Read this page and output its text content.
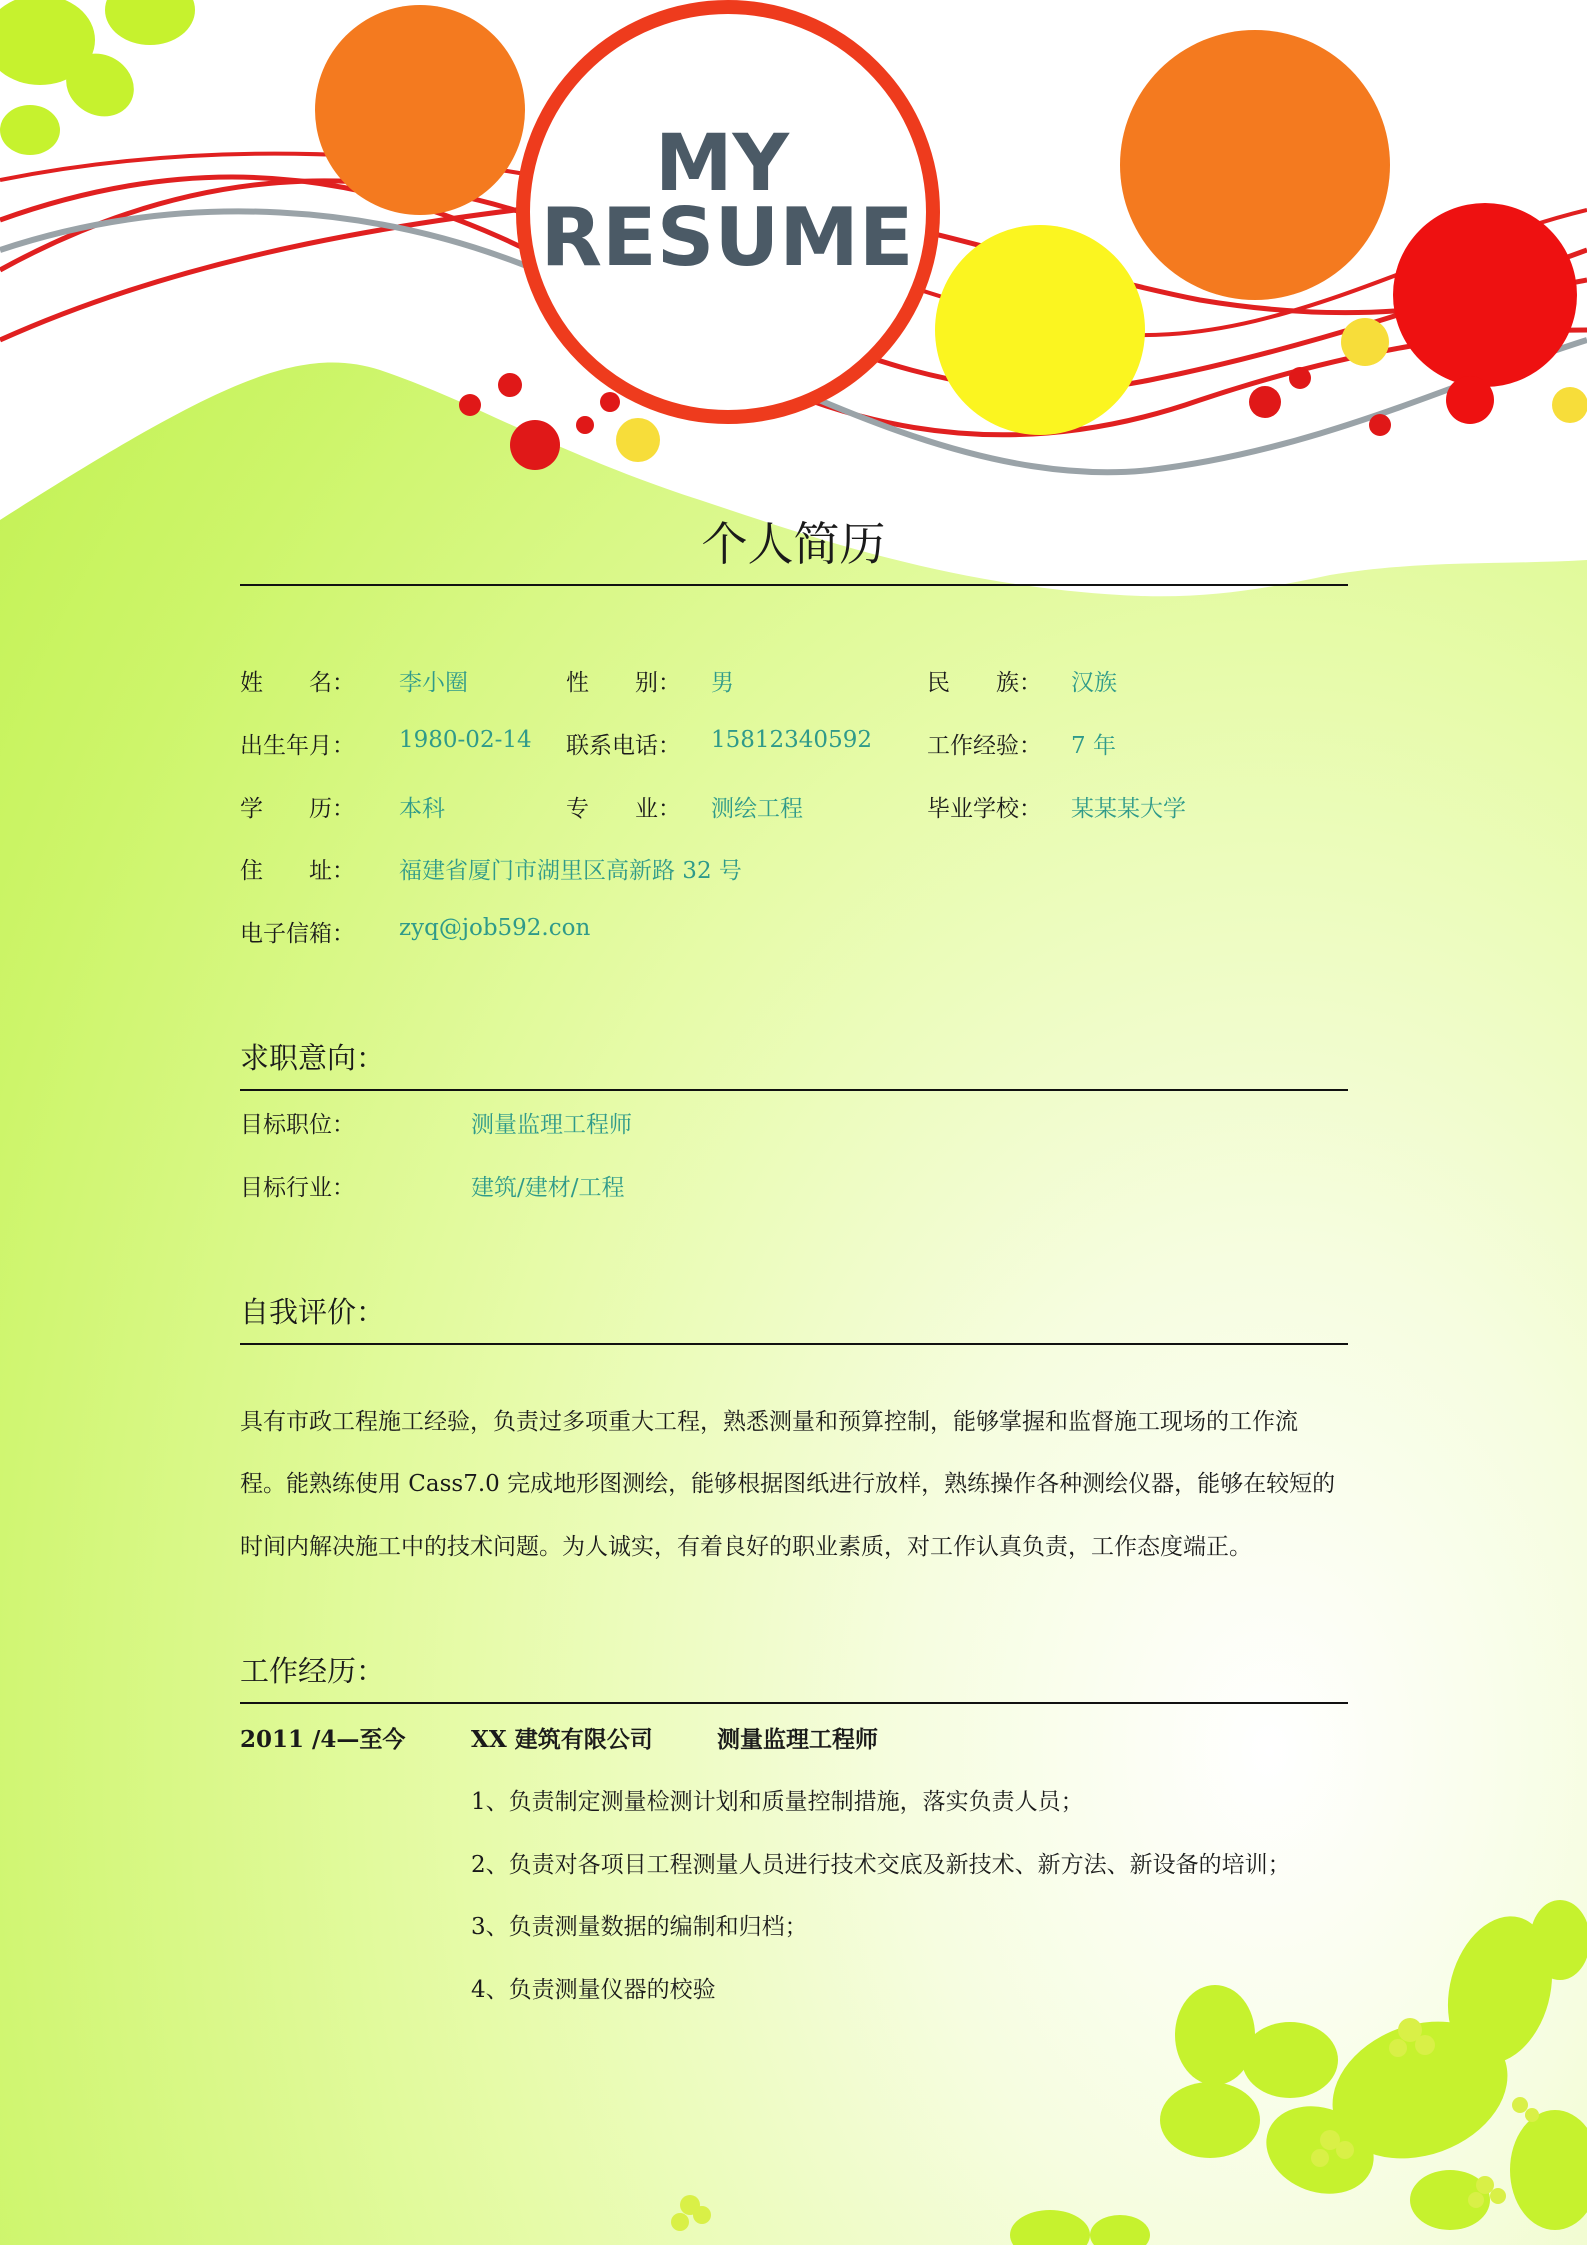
MY
RESUME
个人简历
姓　　名： 李小圈	性　　别： 男	民　　族： 汉族
出生年月： 1980-02-14 联系电话： 15812340592 工作经验： 7 年
学　　历： 本科	专　　业： 测绘工程	毕业学校： 某某某大学
住　　址： 福建省厦门市湖里区高新路 32 号
电子信箱： zyq@job592.con
求职意向：
目标职位：	测量监理工程师
目标行业：	建筑/建材/工程
自我评价：
具有市政工程施工经验，负责过多项重大工程，熟悉测量和预算控制，能够掌握和监督施工现场的工作流
程。能熟练使用 Cass7.0 完成地形图测绘，能够根据图纸进行放样，熟练操作各种测绘仪器，能够在较短的
时间内解决施工中的技术问题。为人诚实，有着良好的职业素质，对工作认真负责，工作态度端正。
工作经历：
2011 /4—至今	XX 建筑有限公司	测量监理工程师
1、负责制定测量检测计划和质量控制措施，落实负责人员；
2、负责对各项目工程测量人员进行技术交底及新技术、新方法、新设备的培训；
3、负责测量数据的编制和归档；
4、负责测量仪器的校验
